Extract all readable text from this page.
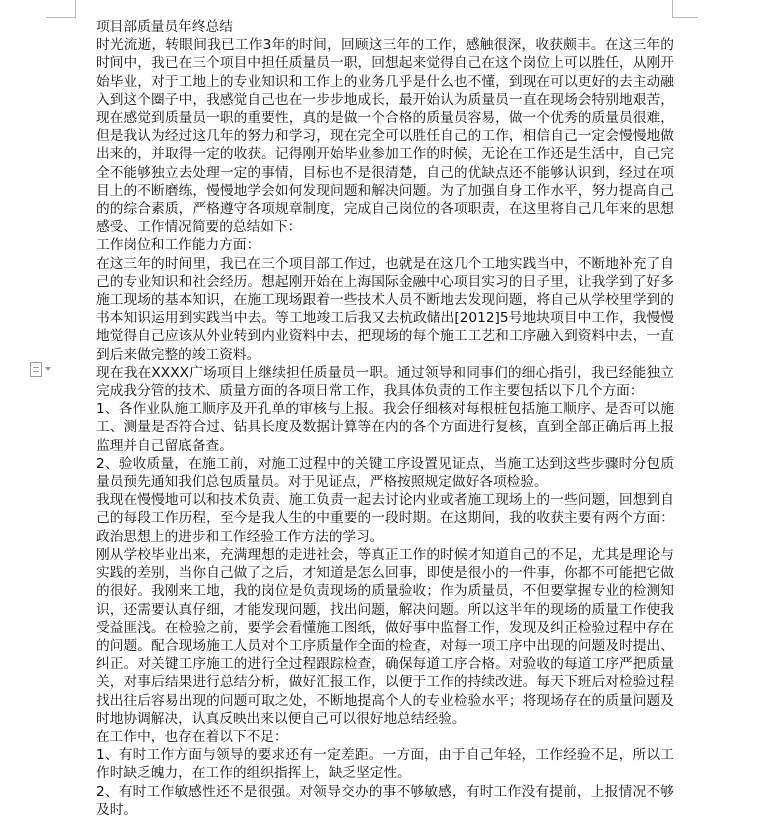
项目部质量员年终总结

时光流逝，转眼间我已工作3年的时间，回顾这三年的工作，感触很深，收获颇丰。在这三年的时间中，我已在三个项目中担任质量员一职，回想起来觉得自己在这个岗位上可以胜任，从刚开始毕业，对于工地上的专业知识和工作上的业务几乎是什么也不懂，到现在可以更好的去主动融入到这个圈子中，我感觉自己也在一步步地成长，最开始认为质量员一直在现场会特别地艰苦，现在感觉到质量员一职的重要性，真的是做一个合格的质量员容易，做一个优秀的质量员很难，但是我认为经过这几年的努力和学习，现在完全可以胜任自己的工作，相信自己一定会慢慢地做出来的，并取得一定的收获。记得刚开始毕业参加工作的时候，无论在工作还是生活中，自己完全不能够独立去处理一定的事情，目标也不是很清楚，自己的优缺点还不能够认识到，经过在项目上的不断磨练，慢慢地学会如何发现问题和解决问题。为了加强自身工作水平，努力提高自己的的综合素质，严格遵守各项规章制度，完成自己岗位的各项职责，在这里将自己几年来的思想感受、工作情况简要的总结如下：

工作岗位和工作能力方面：

在这三年的时间里，我已在三个项目部工作过，也就是在这几个工地实践当中，不断地补充了自己的专业知识和社会经历。想起刚开始在上海国际金融中心项目实习的日子里，让我学到了好多施工现场的基本知识，在施工现场跟着一些技术人员不断地去发现问题，将自己从学校里学到的书本知识运用到实践当中去。等工地竣工后我又去杭政储出[2012]5号地块项目中工作，我慢慢地觉得自己应该从外业转到内业资料中去，把现场的每个施工工艺和工序融入到资料中去，一直到后来做完整的竣工资料。

现在我在XXXX广场项目上继续担任质量员一职。通过领导和同事们的细心指引，我已经能独立完成我分管的技术、质量方面的各项日常工作，我具体负责的工作主要包括以下几个方面：

1、各作业队施工顺序及开孔单的审核与上报。我会仔细核对每根桩包括施工顺序、是否可以施工、测量是否符合过、钻具长度及数据计算等在内的各个方面进行复核，直到全部正确后再上报监理并自己留底备查。

2、验收质量，在施工前，对施工过程中的关键工序设置见证点，当施工达到这些步骤时分包质量员预先通知我们总包质量员。对于见证点，严格按照规定做好各项检验。

我现在慢慢地可以和技术负责、施工负责一起去讨论内业或者施工现场上的一些问题，回想到自己的每段工作历程，至今是我人生的中重要的一段时期。在这期间，我的收获主要有两个方面：政治思想上的进步和工作经验工作方法的学习。

刚从学校毕业出来，充满理想的走进社会，等真正工作的时候才知道自己的不足，尤其是理论与实践的差别，当你自己做了之后，才知道是怎么回事，即使是很小的一件事，你都不可能把它做的很好。我刚来工地，我的岗位是负责现场的质量验收；作为质量员，不但要掌握专业的检测知识，还需要认真仔细，才能发现问题，找出问题，解决问题。所以这半年的现场的质量工作使我受益匪浅。在检验之前，要学会看懂施工图纸，做好事中监督工作，发现及纠正检验过程中存在的问题。配合现场施工人员对个工序质量作全面的检查，对每一项工序中出现的问题及时提出、纠正。对关键工序施工的进行全过程跟踪检查，确保每道工序合格。对验收的每道工序严把质量关，对事后结果进行总结分析，做好汇报工作，以便于工作的持续改进。每天下班后对检验过程找出往后容易出现的问题可取之处，不断地提高个人的专业检验水平；将现场存在的质量问题及时地协调解决，认真反映出来以便自己可以很好地总结经验。

在工作中，也存在着以下不足：

1、有时工作方面与领导的要求还有一定差距。一方面，由于自己年轻，工作经验不足，所以工作时缺乏魄力，在工作的组织指挥上，缺乏坚定性。

2、有时工作敏感性还不是很强。对领导交办的事不够敏感，有时工作没有提前，上报情况不够及时。
